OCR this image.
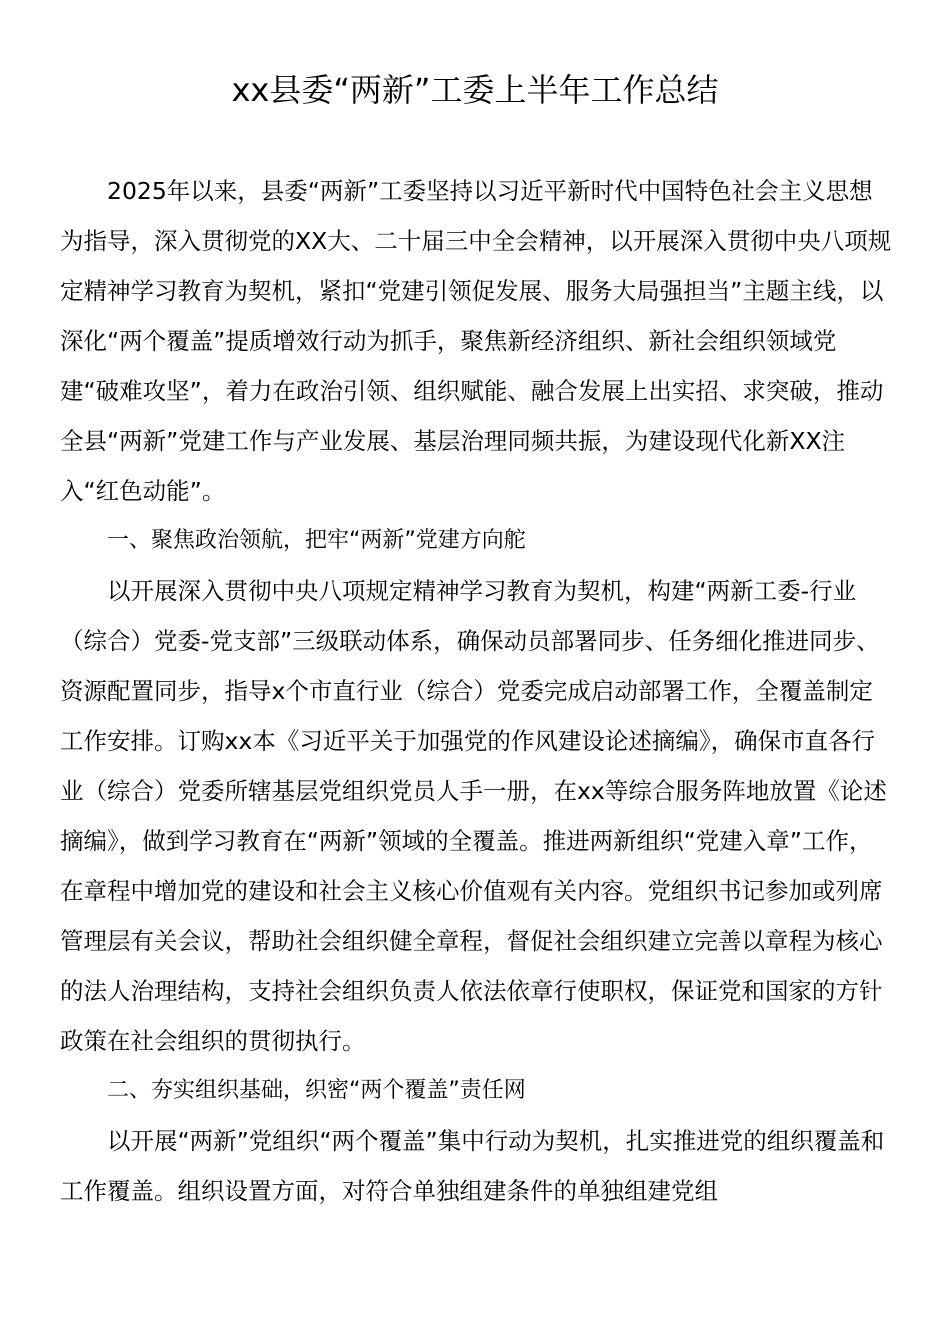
xx县委“两新”工委上半年工作总结

2025年以来，县委“两新”工委坚持以习近平新时代中国特色社会主义思想为指导，深入贯彻党的XX大、二十届三中全会精神，以开展深入贯彻中央八项规定精神学习教育为契机，紧扣“党建引领促发展、服务大局强担当”主题主线，以深化“两个覆盖”提质增效行动为抓手，聚焦新经济组织、新社会组织领域党建“破难攻坚”，着力在政治引领、组织赋能、融合发展上出实招、求突破，推动全县“两新”党建工作与产业发展、基层治理同频共振，为建设现代化新XX注入“红色动能”。

一、聚焦政治领航，把牢“两新”党建方向舵

以开展深入贯彻中央八项规定精神学习教育为契机，构建“两新工委-行业（综合）党委-党支部”三级联动体系，确保动员部署同步、任务细化推进同步、资源配置同步，指导x个市直行业（综合）党委完成启动部署工作，全覆盖制定工作安排。订购xx本《习近平关于加强党的作风建设论述摘编》，确保市直各行业（综合）党委所辖基层党组织党员人手一册，在xx等综合服务阵地放置《论述摘编》，做到学习教育在“两新”领域的全覆盖。推进两新组织“党建入章”工作，在章程中增加党的建设和社会主义核心价值观有关内容。党组织书记参加或列席管理层有关会议，帮助社会组织健全章程，督促社会组织建立完善以章程为核心的法人治理结构，支持社会组织负责人依法依章行使职权，保证党和国家的方针政策在社会组织的贯彻执行。

二、夯实组织基础，织密“两个覆盖”责任网

以开展“两新”党组织“两个覆盖”集中行动为契机，扎实推进党的组织覆盖和工作覆盖。组织设置方面，对符合单独组建条件的单独组建党组
